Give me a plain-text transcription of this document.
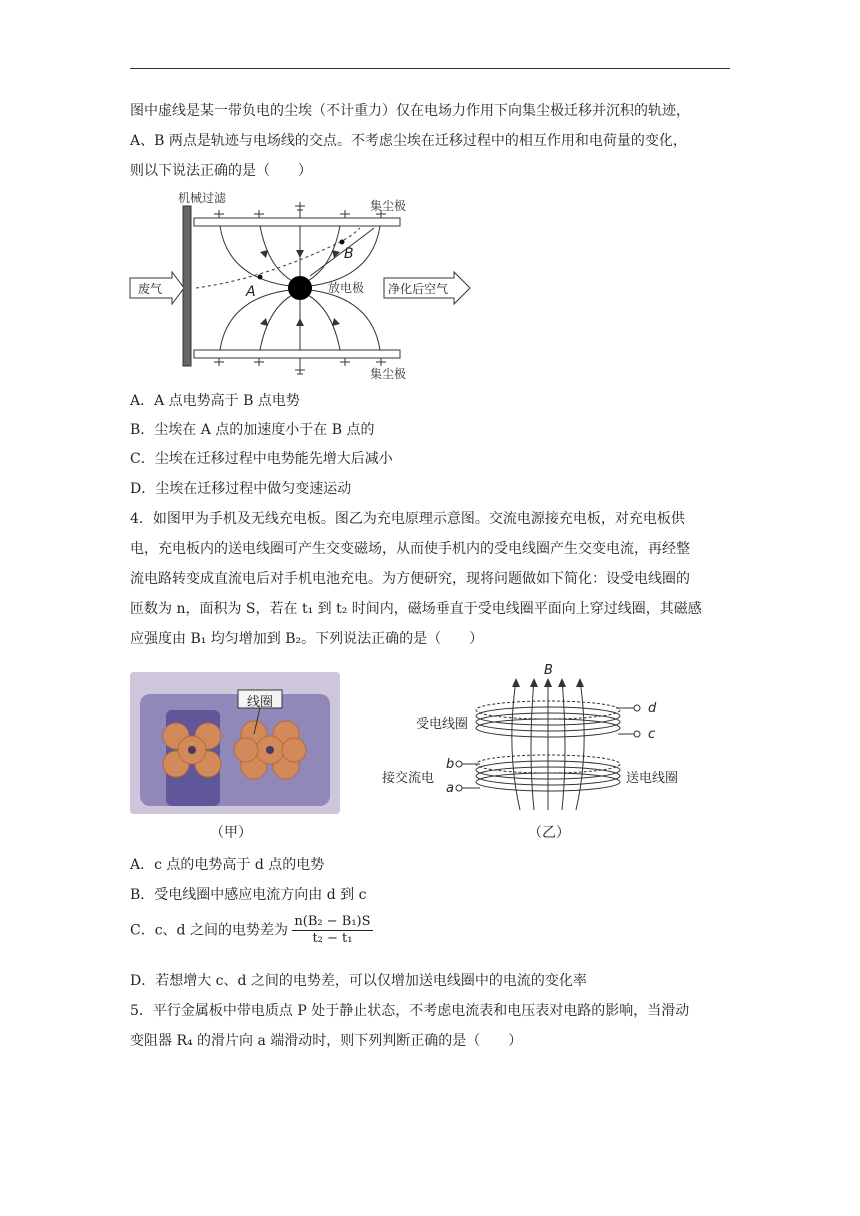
图中虚线是某一带负电的尘埃（不计重力）仅在电场力作用下向集尘极迁移并沉积的轨迹，

A、B 两点是轨迹与电场线的交点。不考虑尘埃在迁移过程中的相互作用和电荷量的变化，

则以下说法正确的是（　　）

机械过滤
集尘极
集尘极
A
B
放电极
废气	净化后空气

A．A 点电势高于 B 点电势

B．尘埃在 A 点的加速度小于在 B 点的

C．尘埃在迁移过程中电势能先增大后减小

D．尘埃在迁移过程中做匀变速运动

4．如图甲为手机及无线充电板。图乙为充电原理示意图。交流电源接充电板，对充电板供

电，充电板内的送电线圈可产生交变磁场，从而使手机内的受电线圈产生交变电流，再经整

流电路转变成直流电后对手机电池充电。为方便研究，现将问题做如下简化：设受电线圈的

匝数为 n，面积为 S，若在 t₁ 到 t₂ 时间内，磁场垂直于受电线圈平面向上穿过线圈，其磁感

应强度由 B₁ 均匀增加到 B₂。下列说法正确的是（　　）

线圈
（甲）
B
d
c
b
a
受电线圈
接交流电	送电线圈
（乙）

A．c 点的电势高于 d 点的电势

B．受电线圈中感应电流方向由 d 到 c

C．c、d 之间的电势差为 $\frac{\text{n(B₂ − B₁)S}}{\text{t₂ − t₁}}$

D．若想增大 c、d 之间的电势差，可以仅增加送电线圈中的电流的变化率

5．平行金属板中带电质点 P 处于静止状态，不考虑电流表和电压表对电路的影响，当滑动

变阻器 R₄ 的滑片向 a 端滑动时，则下列判断正确的是（　　）
